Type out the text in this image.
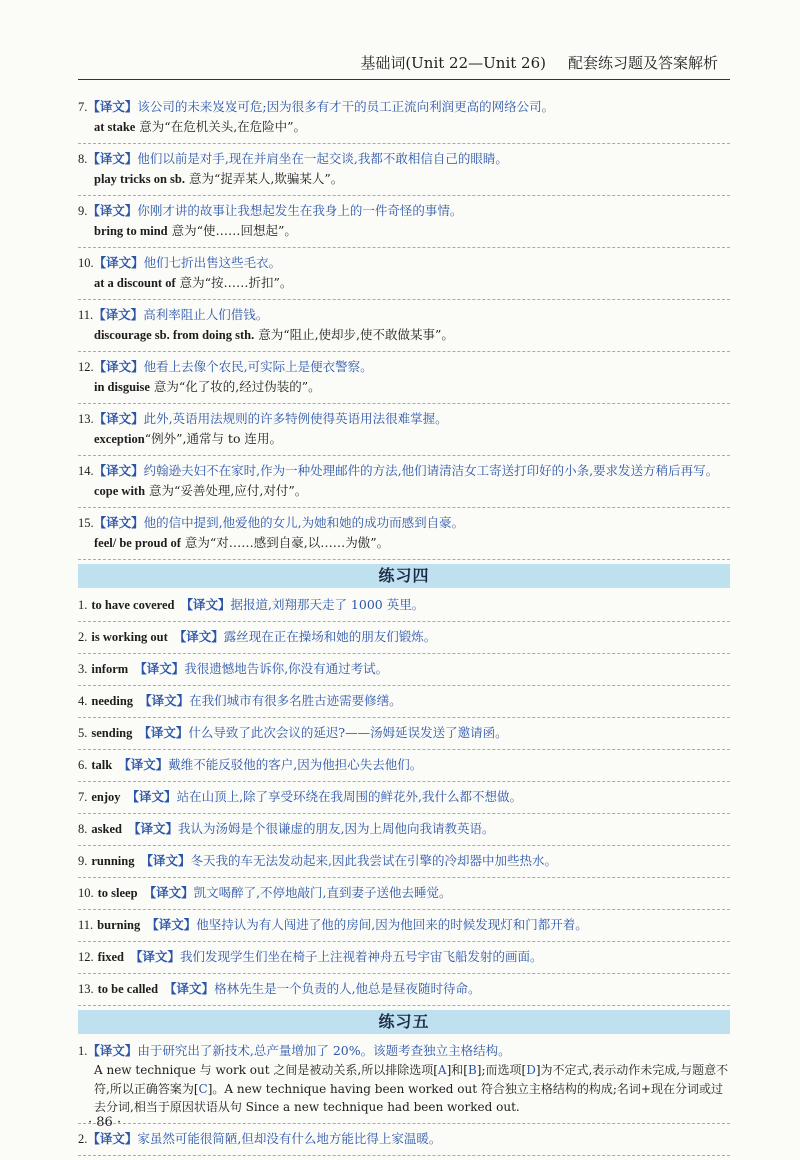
基础词(Unit 22—Unit 26) 配套练习题及答案解析
7.【译文】该公司的未来岌岌可危;因为很多有才干的员工正流向利润更高的网络公司。
at stake 意为“在危机关头,在危险中”。
8.【译文】他们以前是对手,现在并肩坐在一起交谈,我都不敢相信自己的眼睛。
play tricks on sb. 意为“捉弄某人,欺骗某人”。
9.【译文】你刚才讲的故事让我想起发生在我身上的一件奇怪的事情。
bring to mind 意为“使……回想起”。
10.【译文】他们七折出售这些毛衣。
at a discount of 意为“按……折扣”。
11.【译文】高利率阻止人们借钱。
discourage sb. from doing sth. 意为“阻止,使却步,使不敢做某事”。
12.【译文】他看上去像个农民,可实际上是便衣警察。
in disguise 意为“化了妆的,经过伪装的”。
13.【译文】此外,英语用法规则的许多特例使得英语用法很难掌握。
exception“例外”,通常与 to 连用。
14.【译文】约翰逊夫妇不在家时,作为一种处理邮件的方法,他们请清洁女工寄送打印好的小条,要求发送方稍后再写。
cope with 意为“妥善处理,应付,对付”。
15.【译文】他的信中提到,他爱他的女儿,为她和她的成功而感到自豪。
feel/ be proud of 意为“对……感到自豪,以……为傲”。
练习四
1. to have covered 【译文】据报道,刘翔那天走了 1000 英里。
2. is working out 【译文】露丝现在正在操场和她的朋友们锻炼。
3. inform 【译文】我很遗憾地告诉你,你没有通过考试。
4. needing 【译文】在我们城市有很多名胜古迹需要修缮。
5. sending 【译文】什么导致了此次会议的延迟?——汤姆延误发送了邀请函。
6. talk 【译文】戴维不能反驳他的客户,因为他担心失去他们。
7. enjoy 【译文】站在山顶上,除了享受环绕在我周围的鲜花外,我什么都不想做。
8. asked 【译文】我认为汤姆是个很谦虚的朋友,因为上周他向我请教英语。
9. running 【译文】冬天我的车无法发动起来,因此我尝试在引擎的冷却器中加些热水。
10. to sleep 【译文】凯文喝醉了,不停地敲门,直到妻子送他去睡觉。
11. burning 【译文】他坚持认为有人闯进了他的房间,因为他回来的时候发现灯和门都开着。
12. fixed 【译文】我们发现学生们坐在椅子上注视着神舟五号宇宙飞船发射的画面。
13. to be called 【译文】格林先生是一个负责的人,他总是昼夜随时待命。
练习五
1.【译文】由于研究出了新技术,总产量增加了 20%。该题考查独立主格结构。
A new technique 与 work out 之间是被动关系,所以排除选项[A]和[B];而选项[D]为不定式,表示动作未完成,与题意不符,所以正确答案为[C]。A new technique having been worked out 符合独立主格结构的构成;名词+现在分词或过去分词,相当于原因状语从句 Since a new technique had been worked out.
2.【译文】家虽然可能很简陋,但却没有什么地方能比得上家温暖。
· 86 ·
